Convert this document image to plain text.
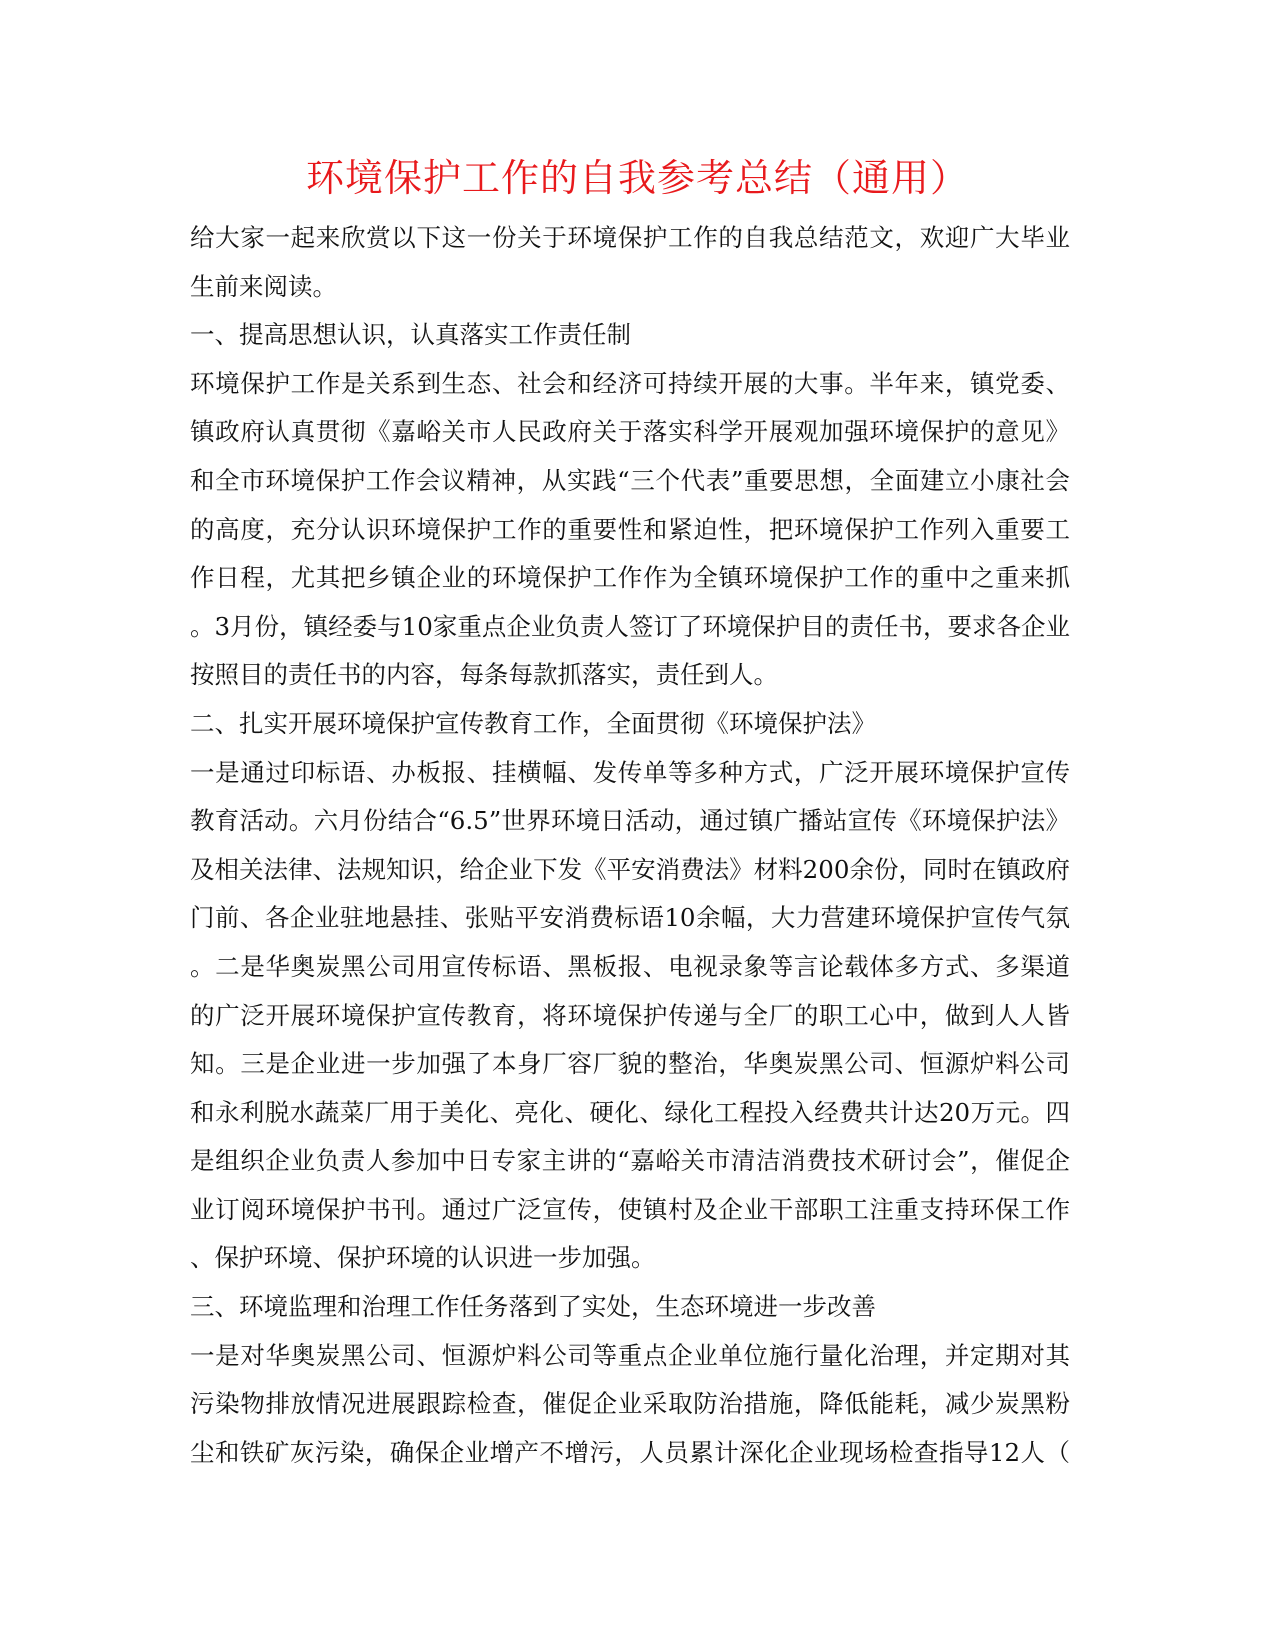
环境保护工作的自我参考总结（通用）
给大家一起来欣赏以下这一份关于环境保护工作的自我总结范文，欢迎广大毕业
生前来阅读。
一、提高思想认识，认真落实工作责任制
环境保护工作是关系到生态、社会和经济可持续开展的大事。半年来，镇党委、
镇政府认真贯彻《嘉峪关市人民政府关于落实科学开展观加强环境保护的意见》
和全市环境保护工作会议精神，从实践“三个代表”重要思想，全面建立小康社会
的高度，充分认识环境保护工作的重要性和紧迫性，把环境保护工作列入重要工
作日程，尤其把乡镇企业的环境保护工作作为全镇环境保护工作的重中之重来抓
。3月份，镇经委与10家重点企业负责人签订了环境保护目的责任书，要求各企业
按照目的责任书的内容，每条每款抓落实，责任到人。
二、扎实开展环境保护宣传教育工作，全面贯彻《环境保护法》
一是通过印标语、办板报、挂横幅、发传单等多种方式，广泛开展环境保护宣传
教育活动。六月份结合“6.5”世界环境日活动，通过镇广播站宣传《环境保护法》
及相关法律、法规知识，给企业下发《平安消费法》材料200余份，同时在镇政府
门前、各企业驻地悬挂、张贴平安消费标语10余幅，大力营建环境保护宣传气氛
。二是华奥炭黑公司用宣传标语、黑板报、电视录象等言论载体多方式、多渠道
的广泛开展环境保护宣传教育，将环境保护传递与全厂的职工心中，做到人人皆
知。三是企业进一步加强了本身厂容厂貌的整治，华奥炭黑公司、恒源炉料公司
和永利脱水蔬菜厂用于美化、亮化、硬化、绿化工程投入经费共计达20万元。四
是组织企业负责人参加中日专家主讲的“嘉峪关市清洁消费技术研讨会”，催促企
业订阅环境保护书刊。通过广泛宣传，使镇村及企业干部职工注重支持环保工作
、保护环境、保护环境的认识进一步加强。
三、环境监理和治理工作任务落到了实处，生态环境进一步改善
一是对华奥炭黑公司、恒源炉料公司等重点企业单位施行量化治理，并定期对其
污染物排放情况进展跟踪检查，催促企业采取防治措施，降低能耗，减少炭黑粉
尘和铁矿灰污染，确保企业增产不增污，人员累计深化企业现场检查指导12人（
